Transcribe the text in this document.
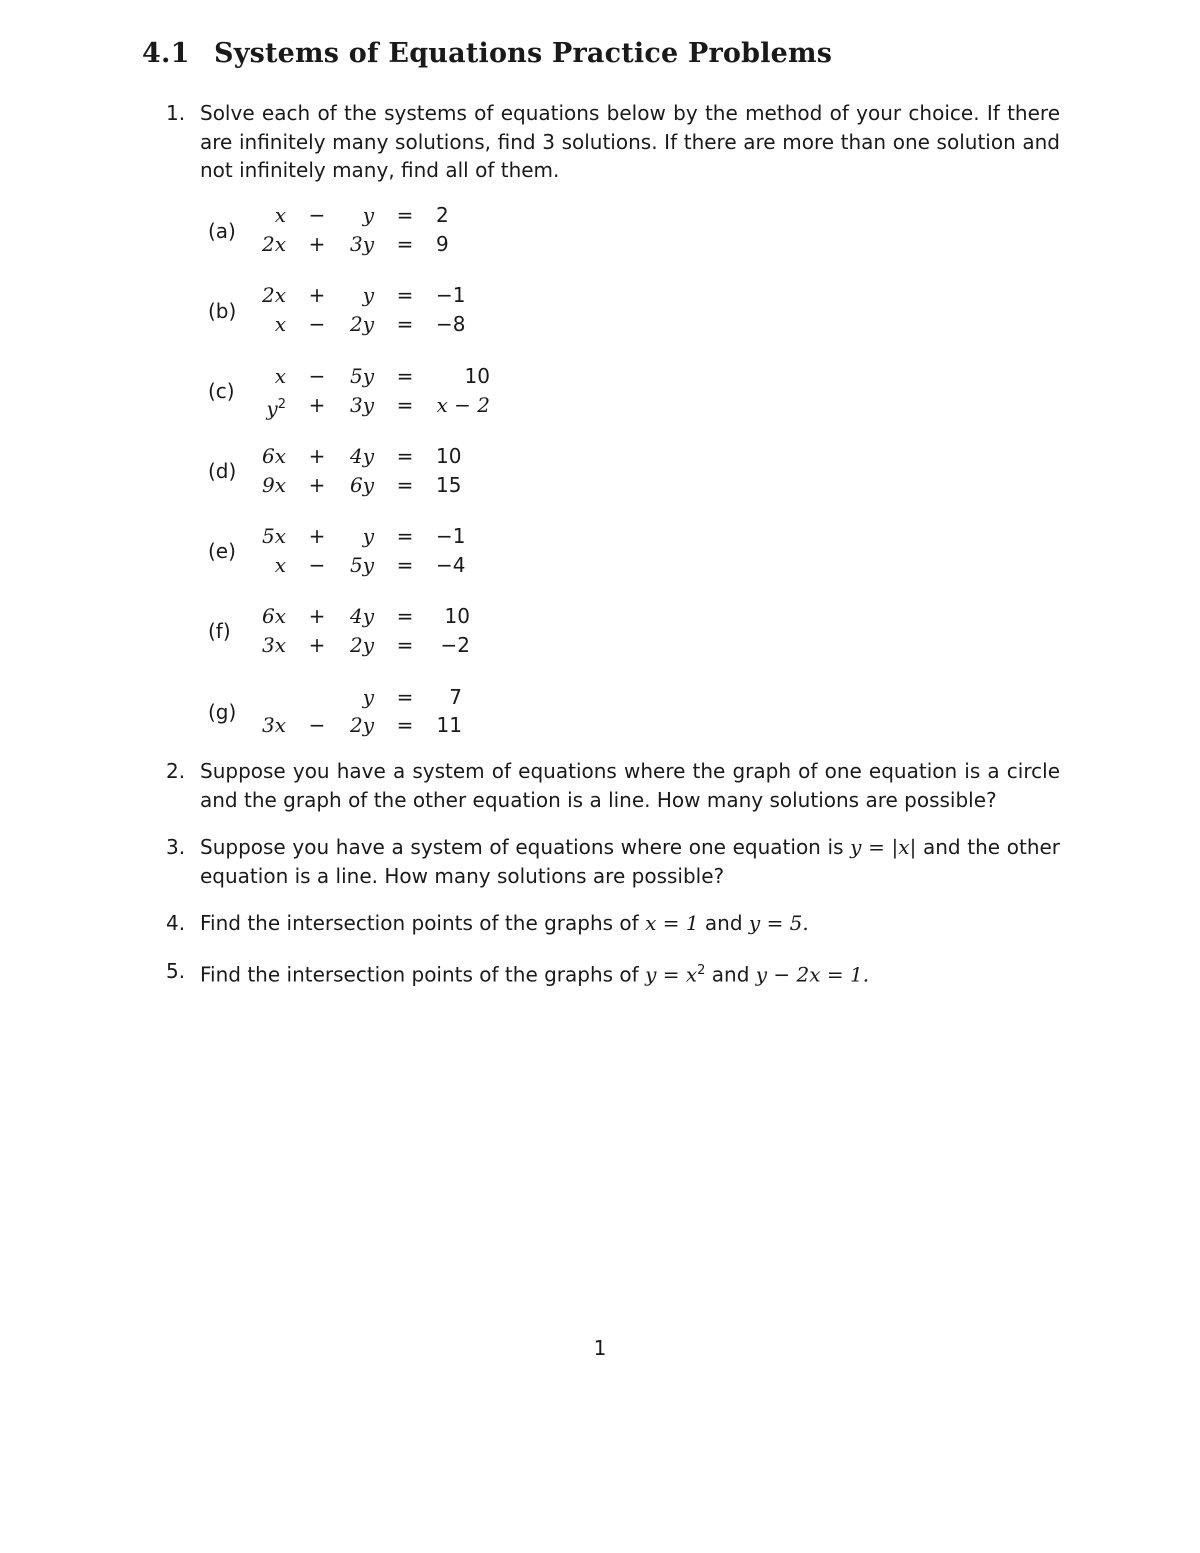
4.1 Systems of Equations Practice Problems
1. Solve each of the systems of equations below by the method of your choice. If there are infinitely many solutions, find 3 solutions. If there are more than one solution and not infinitely many, find all of them.
(a)
x −	y = 2
2x +	3y = 9
(b)
2x +	y = −1
x −	2y = −8
(c)
x −	5y =	10
$y^2$ +	3y =	x − 2
(d)
6x +	4y = 10
9x +	6y = 15
(e)
5x +	y = −1
x −	5y = −4
(f)
6x +	4y =	10
3x +	2y =	−2
(g)
y =	7
3x −	2y =	11
2. Suppose you have a system of equations where the graph of one equation is a circle and the graph of the other equation is a line. How many solutions are possible?
3. Suppose you have a system of equations where one equation is y = |x| and the other equation is a line. How many solutions are possible?
4. Find the intersection points of the graphs of x = 1 and y = 5.
5. Find the intersection points of the graphs of $y = x^2$ and y − 2x = 1.
1
